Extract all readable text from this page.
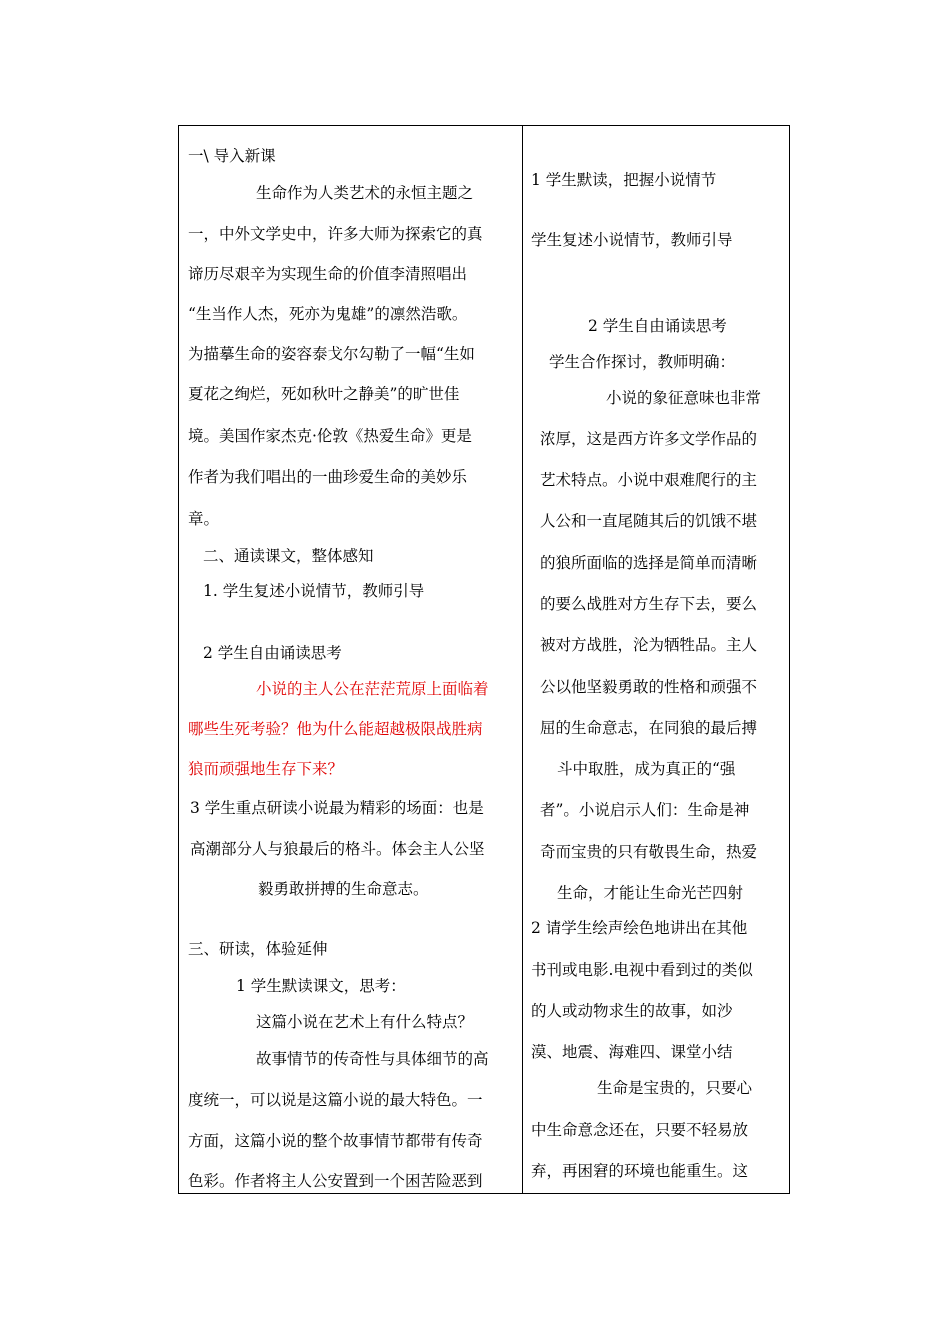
一\ 导入新课

生命作为人类艺术的永恒主题之

一，中外文学史中，许多大师为探索它的真

谛历尽艰辛为实现生命的价值李清照唱出

“生当作人杰，死亦为鬼雄”的凛然浩歌。

为描摹生命的姿容泰戈尔勾勒了一幅“生如

夏花之绚烂，死如秋叶之静美”的旷世佳

境。美国作家杰克·伦敦《热爱生命》更是

作者为我们唱出的一曲珍爱生命的美妙乐

章。

二、通读课文，整体感知

1. 学生复述小说情节，教师引导

2 学生自由诵读思考

小说的主人公在茫茫荒原上面临着

哪些生死考验？他为什么能超越极限战胜病

狼而顽强地生存下来？

3 学生重点研读小说最为精彩的场面：也是

高潮部分人与狼最后的格斗。体会主人公坚

毅勇敢拼搏的生命意志。

三、研读，体验延伸

1 学生默读课文，思考：

这篇小说在艺术上有什么特点？

故事情节的传奇性与具体细节的高

度统一，可以说是这篇小说的最大特色。一

方面，这篇小说的整个故事情节都带有传奇

色彩。作者将主人公安置到一个困苦险恶到

1 学生默读，把握小说情节

学生复述小说情节，教师引导

2 学生自由诵读思考

学生合作探讨，教师明确：

小说的象征意味也非常

浓厚，这是西方许多文学作品的

艺术特点。小说中艰难爬行的主

人公和一直尾随其后的饥饿不堪

的狼所面临的选择是简单而清晰

的要么战胜对方生存下去，要么

被对方战胜，沦为牺牲品。主人

公以他坚毅勇敢的性格和顽强不

屈的生命意志，在同狼的最后搏

斗中取胜，成为真正的“强

者”。小说启示人们：生命是神

奇而宝贵的只有敬畏生命，热爱

生命，才能让生命光芒四射

2 请学生绘声绘色地讲出在其他

书刊或电影.电视中看到过的类似

的人或动物求生的故事，如沙

漠、地震、海难四、课堂小结

生命是宝贵的，只要心

中生命意念还在，只要不轻易放

弃，再困窘的环境也能重生。这
